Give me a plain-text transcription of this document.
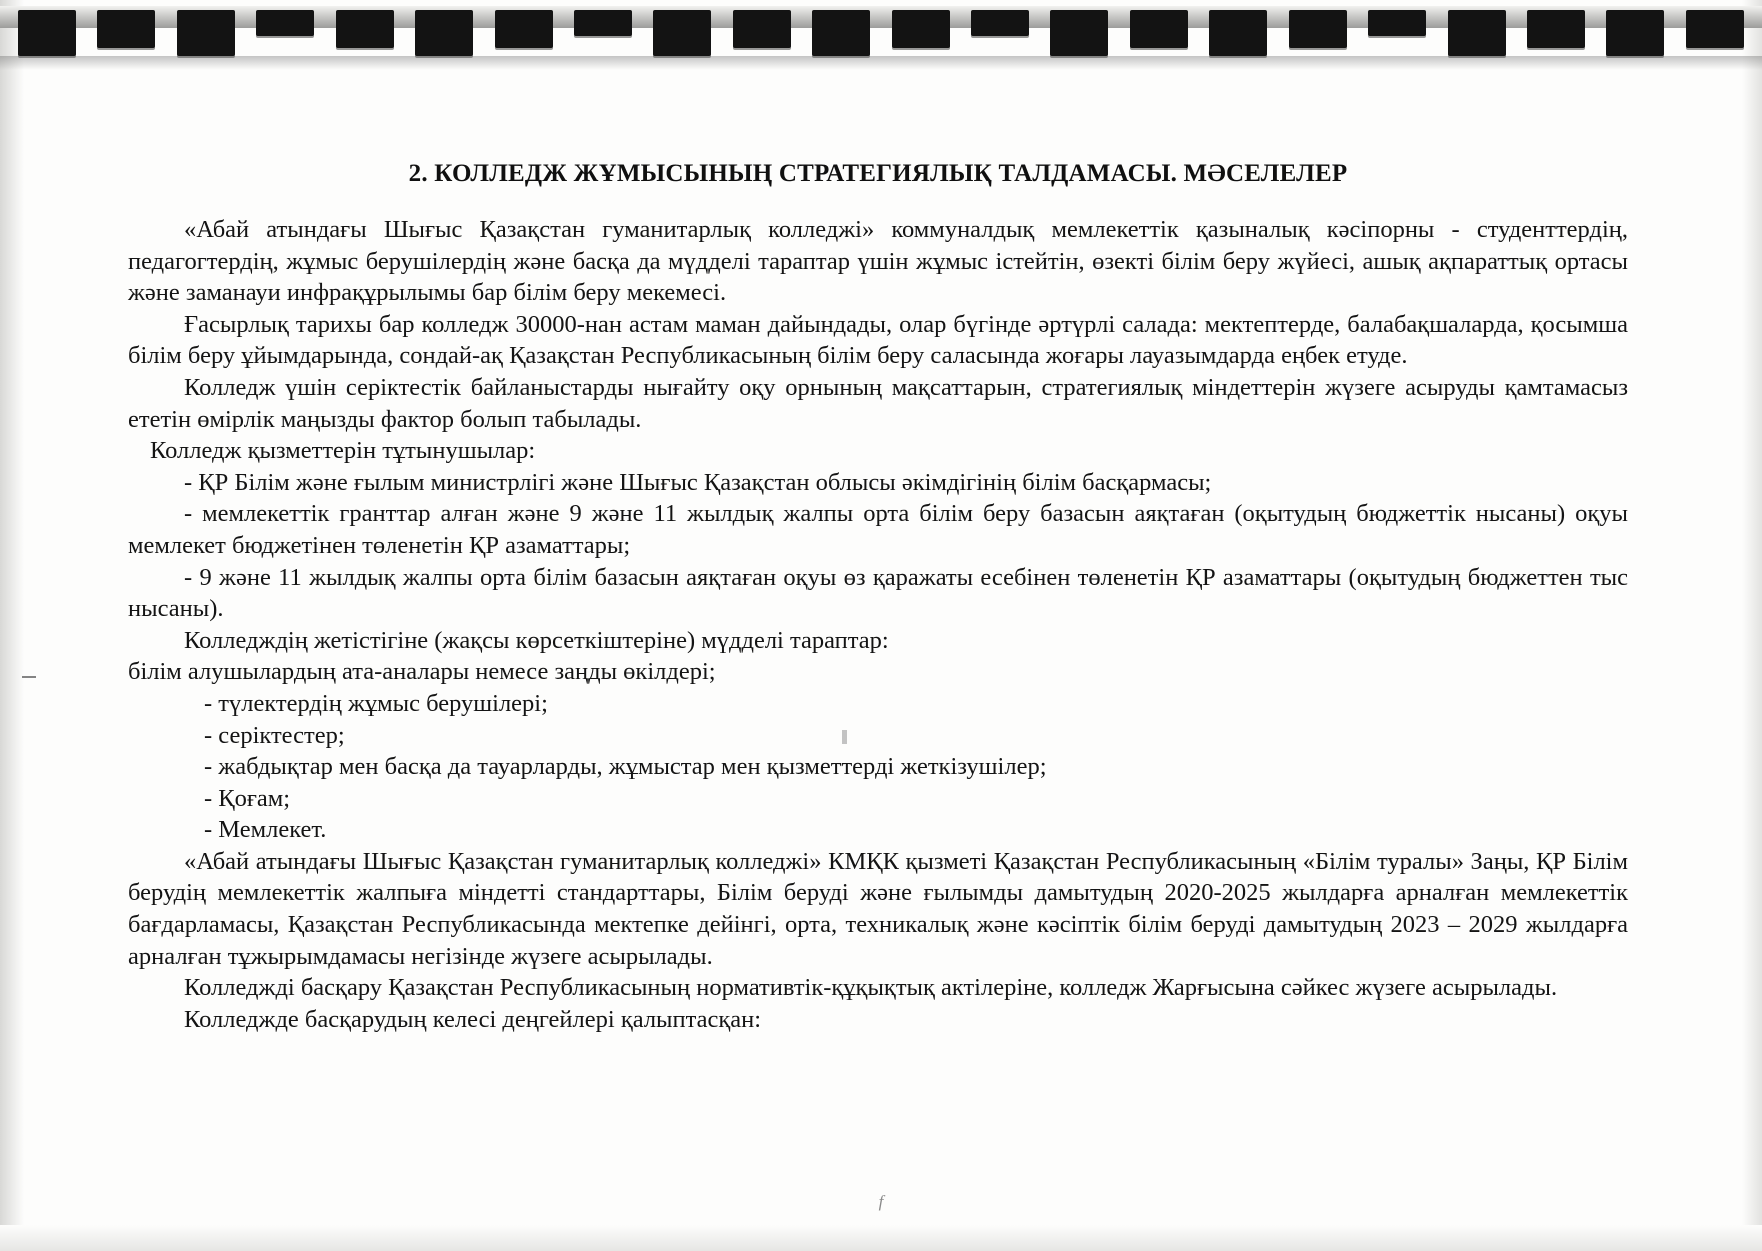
2. КОЛЛЕДЖ ЖҰМЫСЫНЫҢ СТРАТЕГИЯЛЫҚ ТАЛДАМАСЫ. МӘСЕЛЕЛЕР

«Абай атындағы Шығыс Қазақстан гуманитарлық колледжі» коммуналдық мемлекеттік қазыналық кәсіпорны - студенттердің, педагогтердің, жұмыс берушілердің және басқа да мүдделі тараптар үшін жұмыс істейтін, өзекті білім беру жүйесі, ашық ақпараттық ортасы және заманауи инфрақұрылымы бар білім беру мекемесі.

Ғасырлық тарихы бар колледж 30000-нан астам маман дайындады, олар бүгінде әртүрлі салада: мектептерде, балабақшаларда, қосымша білім беру ұйымдарында, сондай-ақ Қазақстан Республикасының білім беру саласында жоғары лауазымдарда еңбек етуде.

Колледж үшін серіктестік байланыстарды нығайту оқу орнының мақсаттарын, стратегиялық міндеттерін жүзеге асыруды қамтамасыз ететін өмірлік маңызды фактор болып табылады.

Колледж қызметтерін тұтынушылар:

- ҚР Білім және ғылым министрлігі және Шығыс Қазақстан облысы әкімдігінің білім басқармасы;

- мемлекеттік гранттар алған және 9 және 11 жылдық жалпы орта білім беру базасын аяқтаған (оқытудың бюджеттік нысаны) оқуы мемлекет бюджетінен төленетін ҚР азаматтары;

- 9 және 11 жылдық жалпы орта білім базасын аяқтаған оқуы өз қаражаты есебінен төленетін ҚР азаматтары (оқытудың бюджеттен тыс нысаны).

Колледждің жетістігіне (жақсы көрсеткіштеріне) мүдделі тараптар:

білім алушылардың ата-аналары немесе заңды өкілдері;

- түлектердің жұмыс берушілері;

- серіктестер;

- жабдықтар мен басқа да тауарларды, жұмыстар мен қызметтерді жеткізушілер;

- Қоғам;

- Мемлекет.

«Абай атындағы Шығыс Қазақстан гуманитарлық колледжі» КМҚК қызметі Қазақстан Республикасының «Білім туралы» Заңы, ҚР Білім берудің мемлекеттік жалпыға міндетті стандарттары, Білім беруді және ғылымды дамытудың 2020-2025 жылдарға арналған мемлекеттік бағдарламасы, Қазақстан Республикасында мектепке дейінгі, орта, техникалық және кәсіптік білім беруді дамытудың 2023 – 2029 жылдарға арналған тұжырымдамасы негізінде жүзеге асырылады.

Колледжді басқару Қазақстан Республикасының нормативтік-құқықтық актілеріне, колледж Жарғысына сәйкес жүзеге асырылады.

Колледжде басқарудың келесі деңгейлері қалыптасқан:

f
